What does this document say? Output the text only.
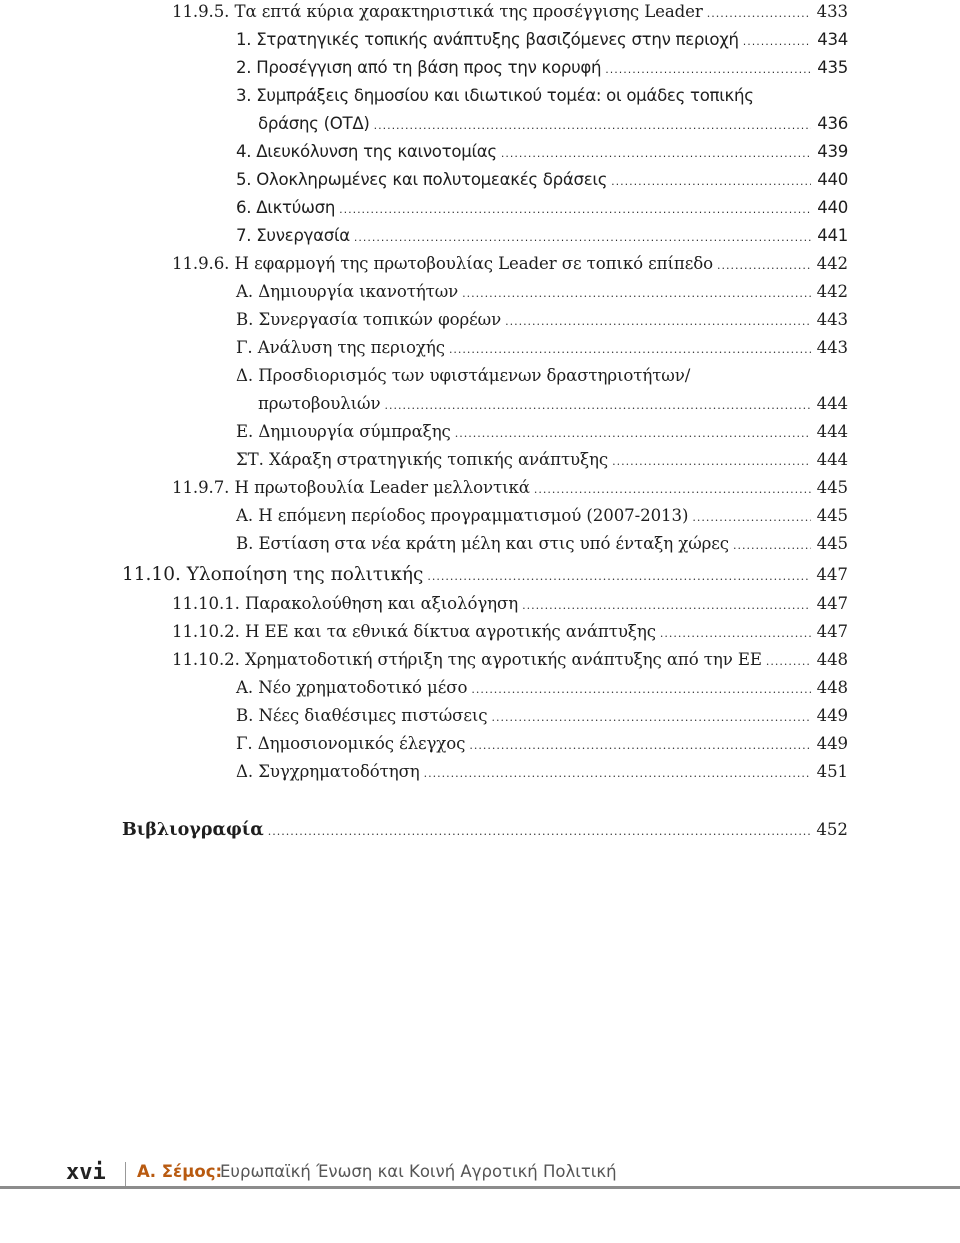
11.9.5. Τα επτά κύρια χαρακτηριστικά της προσέγγισης Leader .....	433
1. Στρατηγικές τοπικής ανάπτυξης βασιζόμενες στην περιοχή .....	434
2. Προσέγγιση από τη βάση προς την κορυφή .....	435
3. Συμπράξεις δημοσίου και ιδιωτικού τομέα: οι ομάδες τοπικής
δράσης (ΟΤΔ) .....	436
4. Διευκόλυνση της καινοτομίας .....	439
5. Ολοκληρωμένες και πολυτομεακές δράσεις .....	440
6. Δικτύωση .....	440
7. Συνεργασία .....	441
11.9.6. Η εφαρμογή της πρωτοβουλίας Leader σε τοπικό επίπεδο .....	442
Α. Δημιουργία ικανοτήτων .....	442
Β. Συνεργασία τοπικών φορέων .....	443
Γ. Ανάλυση της περιοχής .....	443
Δ. Προσδιορισμός των υφιστάμενων δραστηριοτήτων/
πρωτοβουλιών .....	444
Ε. Δημιουργία σύμπραξης .....	444
ΣΤ. Χάραξη στρατηγικής τοπικής ανάπτυξης .....	444
11.9.7. Η πρωτοβουλία Leader μελλοντικά .....	445
Α. Η επόμενη περίοδος προγραμματισμού (2007-2013) .....	445
Β. Εστίαση στα νέα κράτη μέλη και στις υπό ένταξη χώρες .....	445
11.10. Υλοποίηση της πολιτικής .....	447
11.10.1. Παρακολούθηση και αξιολόγηση .....	447
11.10.2. Η ΕΕ και τα εθνικά δίκτυα αγροτικής ανάπτυξης .....	447
11.10.2. Χρηματοδοτική στήριξη της αγροτικής ανάπτυξης από την ΕΕ .....	448
Α. Νέο χρηματοδοτικό μέσο .....	448
Β. Νέες διαθέσιμες πιστώσεις .....	449
Γ. Δημοσιονομικός έλεγχος .....	449
Δ. Συγχρηματοδότηση .....	451
Βιβλιογραφία .....	452
xvi Α. Σέμος:
Ευρωπαϊκή Ένωση και Κοινή Αγροτική Πολιτική
